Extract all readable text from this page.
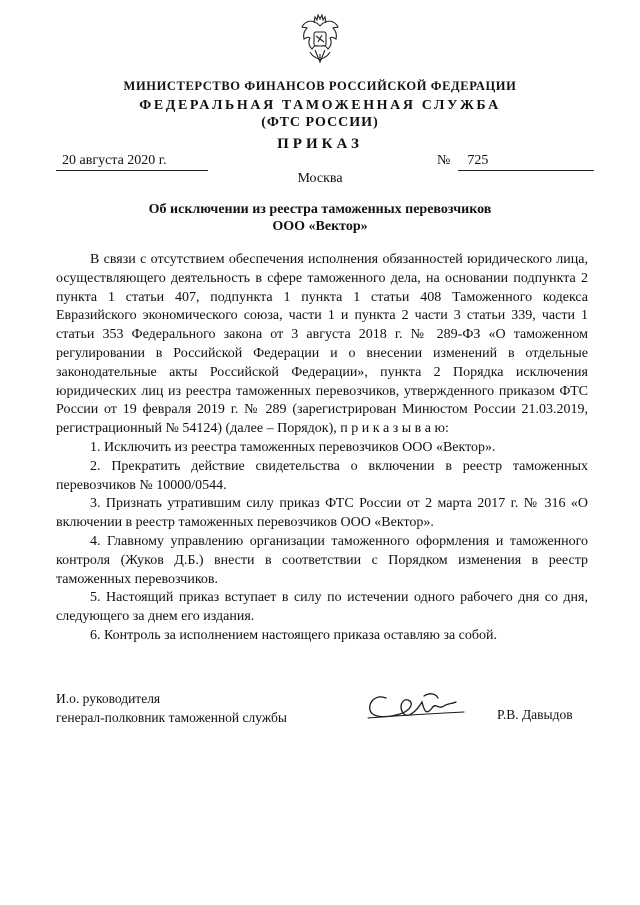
МИНИСТЕРСТВО ФИНАНСОВ РОССИЙСКОЙ ФЕДЕРАЦИИ
ФЕДЕРАЛЬНАЯ ТАМОЖЕННАЯ СЛУЖБА
(ФТС РОССИИ)
ПРИКАЗ
20 августа 2020 г.	№ 725
Москва
Об исключении из реестра таможенных перевозчиков
ООО «Вектор»

В связи с отсутствием обеспечения исполнения обязанностей юридического лица, осуществляющего деятельность в сфере таможенного дела, на основании подпункта 2 пункта 1 статьи 407, подпункта 1 пункта 1 статьи 408 Таможенного кодекса Евразийского экономического союза, части 1 и пункта 2 части 3 статьи 339, части 1 статьи 353 Федерального закона от 3 августа 2018 г. № 289-ФЗ «О таможенном регулировании в Российской Федерации и о внесении изменений в отдельные законодательные акты Российской Федерации», пункта 2 Порядка исключения юридических лиц из реестра таможенных перевозчиков, утвержденного приказом ФТС России от 19 февраля 2019 г. № 289 (зарегистрирован Минюстом России 21.03.2019, регистрационный № 54124) (далее – Порядок), п р и к а з ы в а ю:

1. Исключить из реестра таможенных перевозчиков ООО «Вектор».

2. Прекратить действие свидетельства о включении в реестр таможенных перевозчиков № 10000/0544.

3. Признать утратившим силу приказ ФТС России от 2 марта 2017 г. № 316 «О включении в реестр таможенных перевозчиков ООО «Вектор».

4. Главному управлению организации таможенного оформления и таможенного контроля (Жуков Д.Б.) внести в соответствии с Порядком изменения в реестр таможенных перевозчиков.

5. Настоящий приказ вступает в силу по истечении одного рабочего дня со дня, следующего за днем его издания.

6. Контроль за исполнением настоящего приказа оставляю за собой.

И.о. руководителя
генерал-полковник таможенной службы	Р.В. Давыдов
